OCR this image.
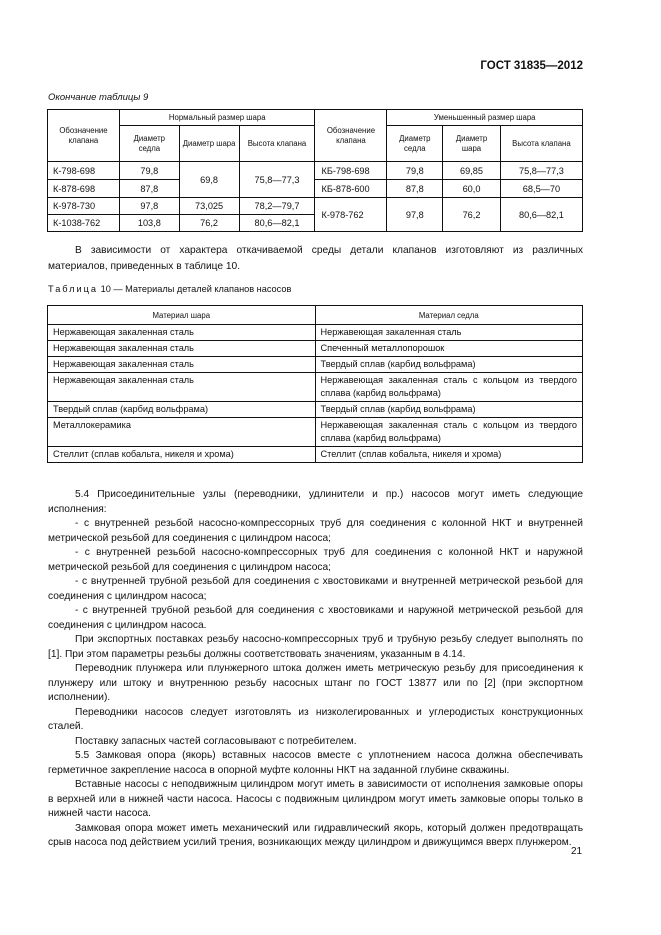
ГОСТ 31835—2012
Окончание таблицы 9
Обозначение клапана	Нормальный размер шара			Обозначение клапана	Уменьшенный размер шара		
	Диаметр седла	Диаметр шара	Высота клапана		Диаметр седла	Диаметр шара	Высота клапана
К-798-698	79,8	69,8	75,8—77,3	КБ-798-698	79,8	69,85	75,8—77,3
К-878-698	87,8			КБ-878-600	87,8	60,0	68,5—70
К-978-730	97,8	73,025	78,2—79,7	К-978-762	97,8	76,2	80,6—82,1
К-1038-762	103,8	76,2	80,6—82,1				
В зависимости от характера откачиваемой среды детали клапанов изготовляют из различных материалов, приведенных в таблице 10.
Таблица 10 — Материалы деталей клапанов насосов
Материал шара	Материал седла
Нержавеющая закаленная сталь	Нержавеющая закаленная сталь
Нержавеющая закаленная сталь	Спеченный металлопорошок
Нержавеющая закаленная сталь	Твердый сплав (карбид вольфрама)
Нержавеющая закаленная сталь	Нержавеющая закаленная сталь с кольцом из твердого сплава (карбид вольфрама)
Твердый сплав (карбид вольфрама)	Твердый сплав (карбид вольфрама)
Металлокерамика	Нержавеющая закаленная сталь с кольцом из твердого сплава (карбид вольфрама)
Стеллит (сплав кобальта, никеля и хрома)	Стеллит (сплав кобальта, никеля и хрома)

5.4 Присоединительные узлы (переводники, удлинители и пр.) насосов могут иметь следующие исполнения:

- с внутренней резьбой насосно-компрессорных труб для соединения с колонной НКТ и внутренней метрической резьбой для соединения с цилиндром насоса;

- с внутренней резьбой насосно-компрессорных труб для соединения с колонной НКТ и наружной метрической резьбой для соединения с цилиндром насоса;

- с внутренней трубной резьбой для соединения с хвостовиками и внутренней метрической резьбой для соединения с цилиндром насоса;

- с внутренней трубной резьбой для соединения с хвостовиками и наружной метрической резьбой для соединения с цилиндром насоса.

При экспортных поставках резьбу насосно-компрессорных труб и трубную резьбу следует выполнять по [1]. При этом параметры резьбы должны соответствовать значениям, указанным в 4.14.

Переводник плунжера или плунжерного штока должен иметь метрическую резьбу для присоединения к плунжеру или штоку и внутреннюю резьбу насосных штанг по ГОСТ 13877 или по [2] (при экспортном исполнении).

Переводники насосов следует изготовлять из низколегированных и углеродистых конструкционных сталей.

Поставку запасных частей согласовывают с потребителем.

5.5 Замковая опора (якорь) вставных насосов вместе с уплотнением насоса должна обеспечивать герметичное закрепление насоса в опорной муфте колонны НКТ на заданной глубине скважины.

Вставные насосы с неподвижным цилиндром могут иметь в зависимости от исполнения замковые опоры в верхней или в нижней части насоса. Насосы с подвижным цилиндром могут иметь замковые опоры только в нижней части насоса.

Замковая опора может иметь механический или гидравлический якорь, который должен предотвращать срыв насоса под действием усилий трения, возникающих между цилиндром и движущимся вверх плунжером.

21
